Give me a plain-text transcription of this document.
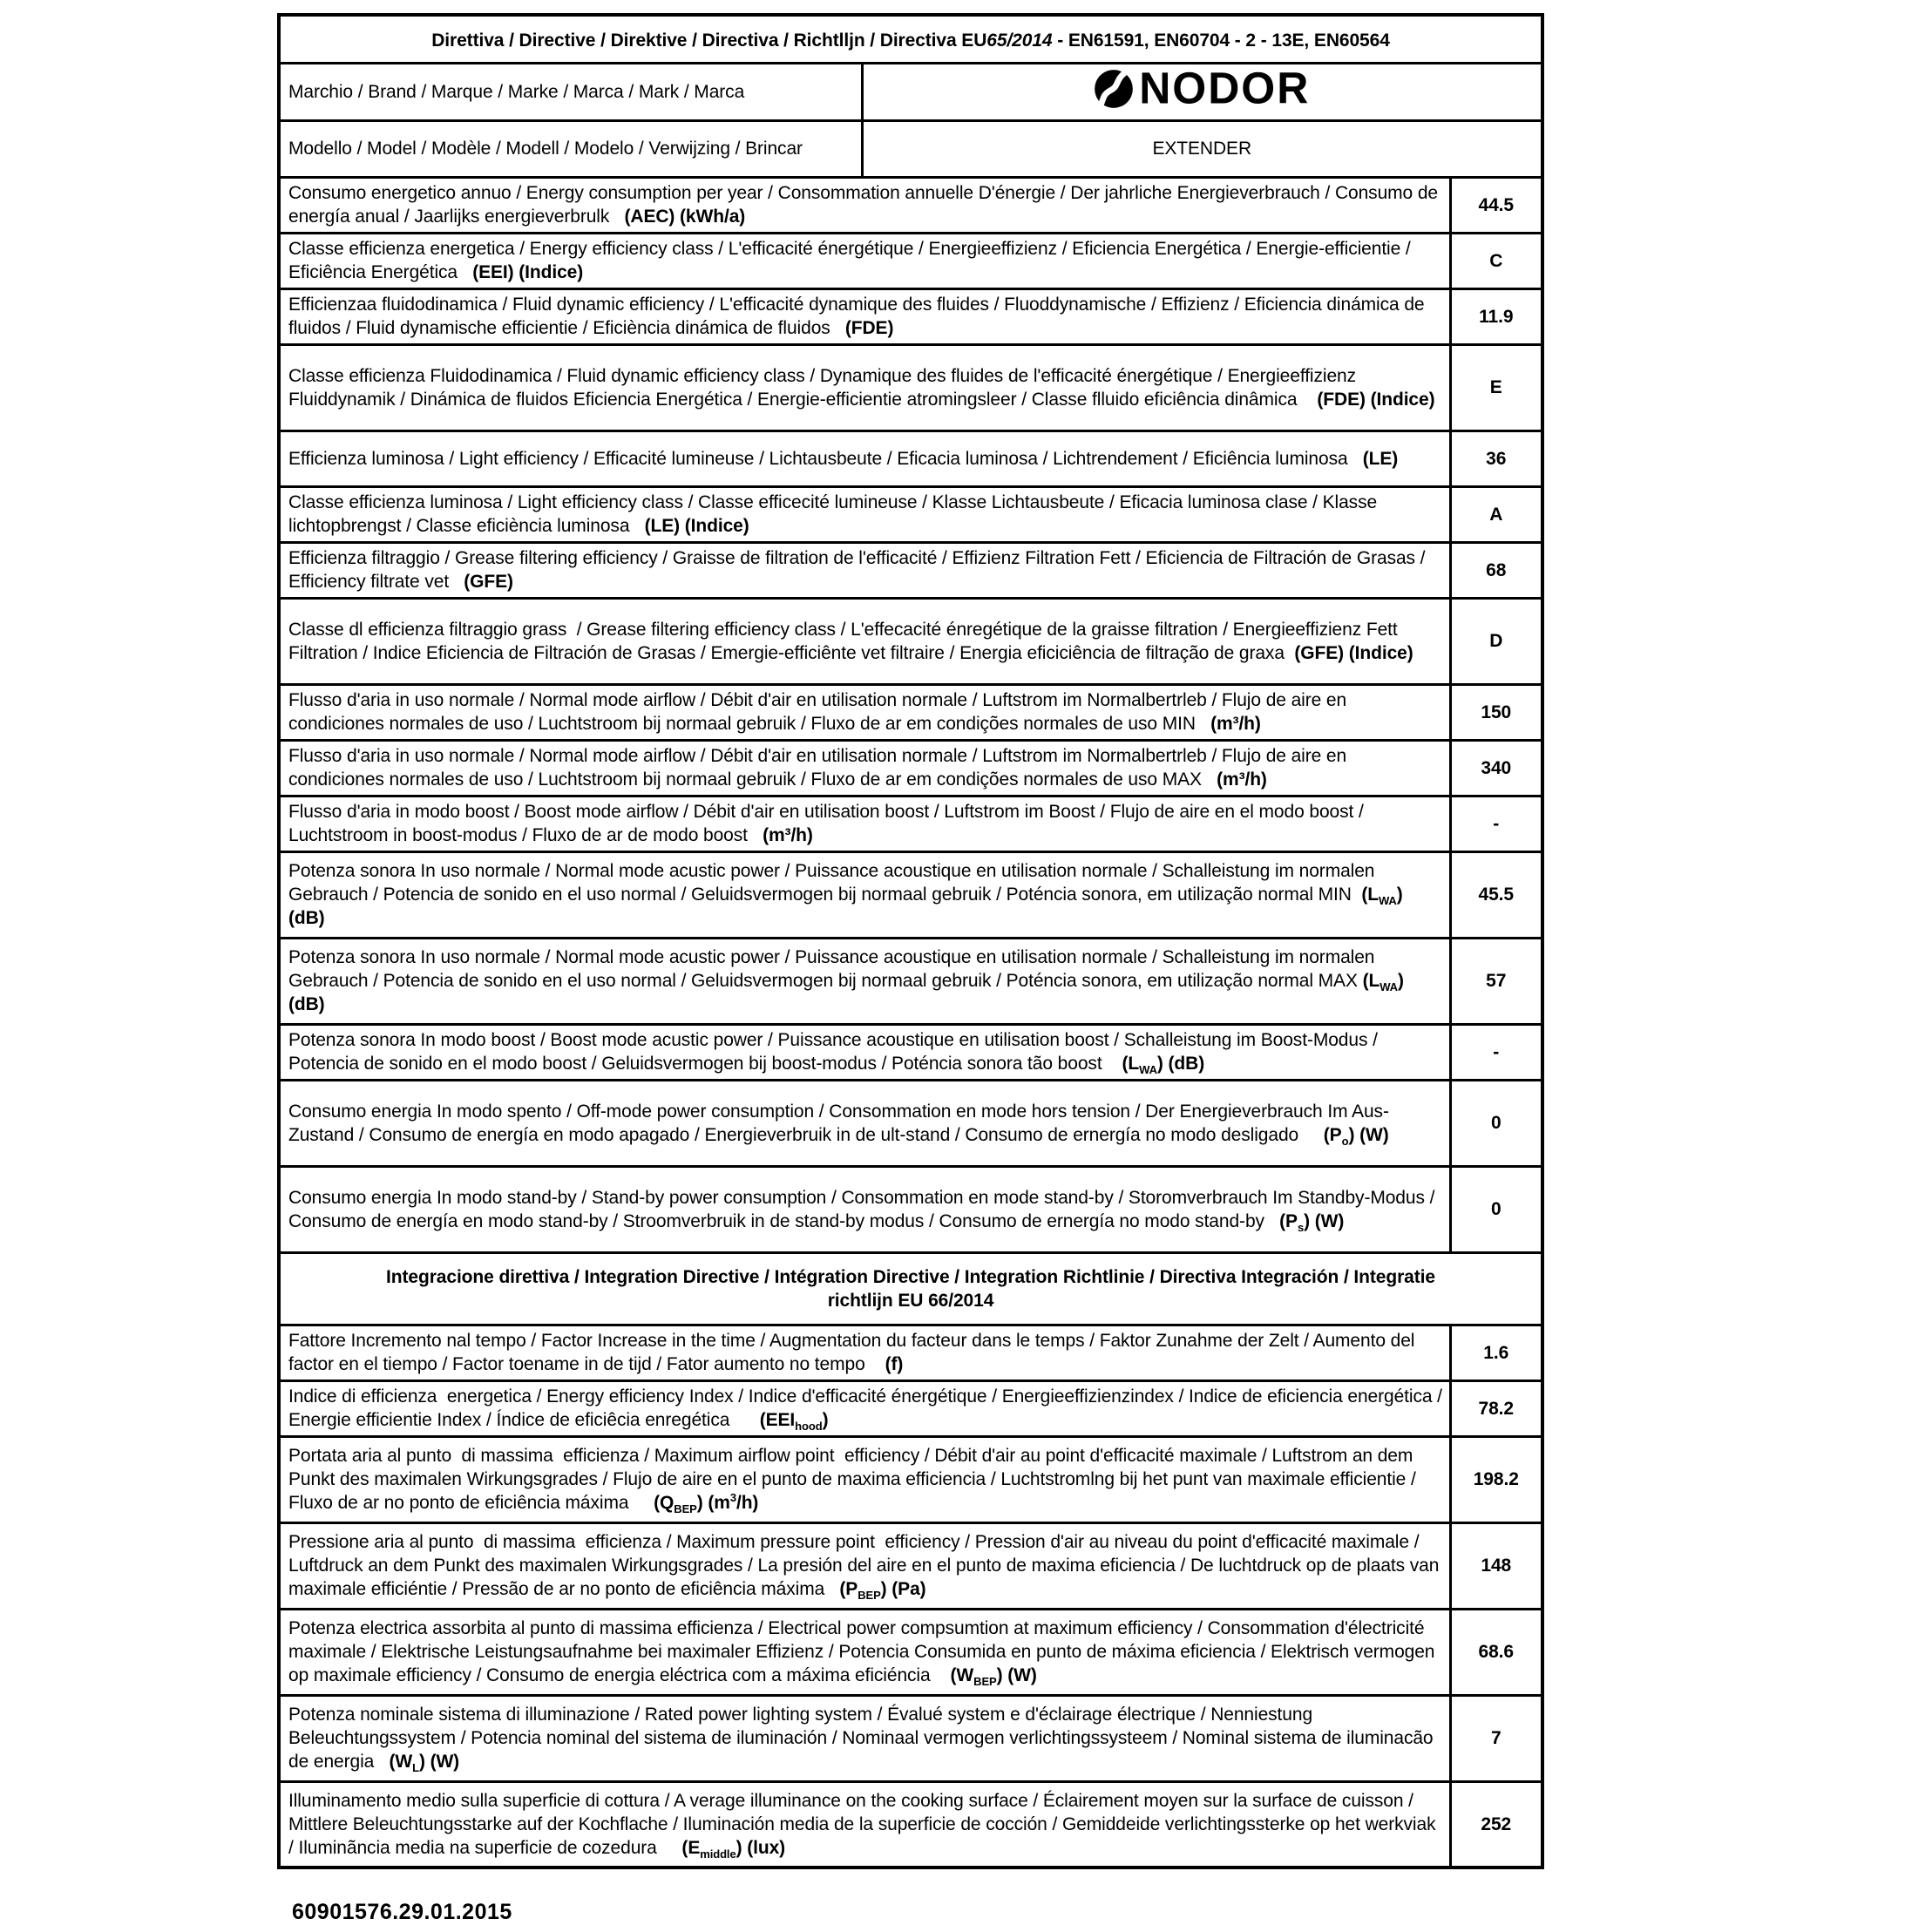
Direttiva / Directive / Direktive / Directiva / Richtlljn / Directiva EU65/2014 - EN61591, EN60704 - 2 - 13E, EN60564		
Marchio / Brand / Marque / Marke / Marca / Mark / Marca	NODOR	

Modello / Model / Modèle / Modell / Modelo / Verwijzing / Brincar	EXTENDER	
Consumo energetico annuo / Energy consumption per year / Consommation annuelle D'énergie / Der jahrliche Energieverbrauch / Consumo de energía anual / Jaarlijks energieverbrulk   (AEC) (kWh/a)		44.5
Classe efficienza energetica / Energy efficiency class / L'efficacité énergétique / Energieeffizienz / Eficiencia Energética / Energie-efficientie / Eficiência Energética   (EEI) (Indice)		C
Efficienzaa fluidodinamica / Fluid dynamic efficiency / L'efficacité dynamique des fluides / Fluoddynamische / Effizienz / Eficiencia dinámica de fluidos / Fluid dynamische efficientie / Eficiència dinámica de fluidos   (FDE)		11.9
Classe efficienza Fluidodinamica / Fluid dynamic efficiency class / Dynamique des fluides de l'efficacité énergétique / Energieeffizienz Fluiddynamik / Dinámica de fluidos Eficiencia Energética / Energie-efficientie atromingsleer / Classe flluido eficiência dinâmica    (FDE) (Indice)		E
Efficienza luminosa / Light efficiency / Efficacité lumineuse / Lichtausbeute / Eficacia luminosa / Lichtrendement / Eficiência luminosa   (LE)		36
Classe efficienza luminosa / Light efficiency class / Classe efficecité lumineuse / Klasse Lichtausbeute / Eficacia luminosa clase / Klasse lichtopbrengst / Classe eficiència luminosa   (LE) (Indice)		A
Efficienza filtraggio / Grease filtering efficiency / Graisse de filtration de l'efficacité / Effizienz Filtration Fett / Eficiencia de Filtración de Grasas / Efficiency filtrate vet   (GFE)		68
Classe dl efficienza filtraggio grass  / Grease filtering efficiency class / L'effecacité énregétique de la graisse filtration / Energieeffizienz Fett Filtration / Indice Eficiencia de Filtración de Grasas / Emergie-efficiênte vet filtraire / Energia eficiciência de filtração de graxa  (GFE) (Indice)		D
Flusso d'aria in uso normale / Normal mode airflow / Débit d'air en utilisation normale / Luftstrom im Normalbertrleb / Flujo de aire en condiciones normales de uso / Luchtstroom bij normaal gebruik / Fluxo de ar em condições normales de uso MIN   (m³/h)		150
Flusso d'aria in uso normale / Normal mode airflow / Débit d'air en utilisation normale / Luftstrom im Normalbertrleb / Flujo de aire en condiciones normales de uso / Luchtstroom bij normaal gebruik / Fluxo de ar em condições normales de uso MAX   (m³/h)		340
Flusso d'aria in modo boost / Boost mode airflow / Débit d'air en utilisation boost / Luftstrom im Boost / Flujo de aire en el modo boost / Luchtstroom in boost-modus / Fluxo de ar de modo boost   (m³/h)		-
Potenza sonora In uso normale / Normal mode acustic power / Puissance acoustique en utilisation normale / Schalleistung im normalen Gebrauch / Potencia de sonido en el uso normal / Geluidsvermogen bij normaal gebruik / Poténcia sonora, em utilização normal MIN  $(L_{WA})$ (dB)		45.5
Potenza sonora In uso normale / Normal mode acustic power / Puissance acoustique en utilisation normale / Schalleistung im normalen Gebrauch / Potencia de sonido en el uso normal / Geluidsvermogen bij normaal gebruik / Poténcia sonora, em utilização normal MAX $(L_{WA})$ (dB)		57
Potenza sonora In modo boost / Boost mode acustic power / Puissance acoustique en utilisation boost / Schalleistung im Boost-Modus / Potencia de sonido en el modo boost / Geluidsvermogen bij boost-modus / Poténcia sonora tão boost    $(L_{WA})$ (dB)		-
Consumo energia In modo spento / Off-mode power consumption / Consommation en mode hors tension / Der Energieverbrauch Im Aus-Zustand / Consumo de energía en modo apagado / Energieverbruik in de ult-stand / Consumo de ernergía no modo desligado     $(P_o)$ (W)		0
Consumo energia In modo stand-by / Stand-by power consumption / Consommation en mode stand-by / Storomverbrauch Im Standby-Modus / Consumo de energía en modo stand-by / Stroomverbruik in de stand-by modus / Consumo de ernergía no modo stand-by   $(P_s)$ (W)		0
Integracione direttiva / Integration Directive / Intégration Directive / Integration Richtlinie / Directiva Integración / Integratie
richtlijn EU 66/2014		
Fattore Incremento nal tempo / Factor Increase in the time / Augmentation du facteur dans le temps / Faktor Zunahme der Zelt / Aumento del factor en el tiempo / Factor toename in de tijd / Fator aumento no tempo    (f)		1.6
Indice di efficienza  energetica / Energy efficiency Index / Indice d'efficacité énergétique / Energieeffizienzindex / Indice de eficiencia energética / Energie efficientie Index / Índice de eficiêcia enregética      $(EEI_{hood})$		78.2
Portata aria al punto  di massima  efficienza / Maximum airflow point  efficiency / Débit d'air au point d'efficacité maximale / Luftstrom an dem Punkt des maximalen Wirkungsgrades / Flujo de aire en el punto de maxima efficiencia / Luchtstromlng bij het punt van maximale efficientie / Fluxo de ar no ponto de eficiência máxima     $(Q_{BEP})$ $(m^3/h)$		198.2
Pressione aria al punto  di massima  efficienza / Maximum pressure point  efficiency / Pression d'air au niveau du point d'efficacité maximale / Luftdruck an dem Punkt des maximalen Wirkungsgrades / La presión del aire en el punto de maxima eficiencia / De luchtdruck op de plaats van maximale efficiéntie / Pressão de ar no ponto de eficiência máxima   $(P_{BEP})$ (Pa)		148
Potenza electrica assorbita al punto di massima efficienza / Electrical power compsumtion at maximum efficiency / Consommation d'électricité maximale / Elektrische Leistungsaufnahme bei maximaler Effizienz / Potencia Consumida en punto de máxima eficiencia / Elektrisch vermogen op maximale efficiency / Consumo de energia eléctrica com a máxima eficiéncia    $(W_{BEP})$ (W)		68.6
Potenza nominale sistema di illuminazione / Rated power lighting system / Évalué system e d'éclairage électrique / Nenniestung Beleuchtungssystem / Potencia nominal del sistema de iluminación / Nominaal vermogen verlichtingssysteem / Nominal sistema de iluminacão de energia   $(W_L)$ (W)		7
Illuminamento medio sulla superficie di cottura / A verage illuminance on the cooking surface / Éclairement moyen sur la surface de cuisson / Mittlere Beleuchtungsstarke auf der Kochflache / Iluminación media de la superficie de cocción / Gemiddeide verlichtingssterke op het werkviak / Iluminãncia media na superficie de cozedura     $(E_{middle})$ (lux)		252
60901576.29.01.2015
